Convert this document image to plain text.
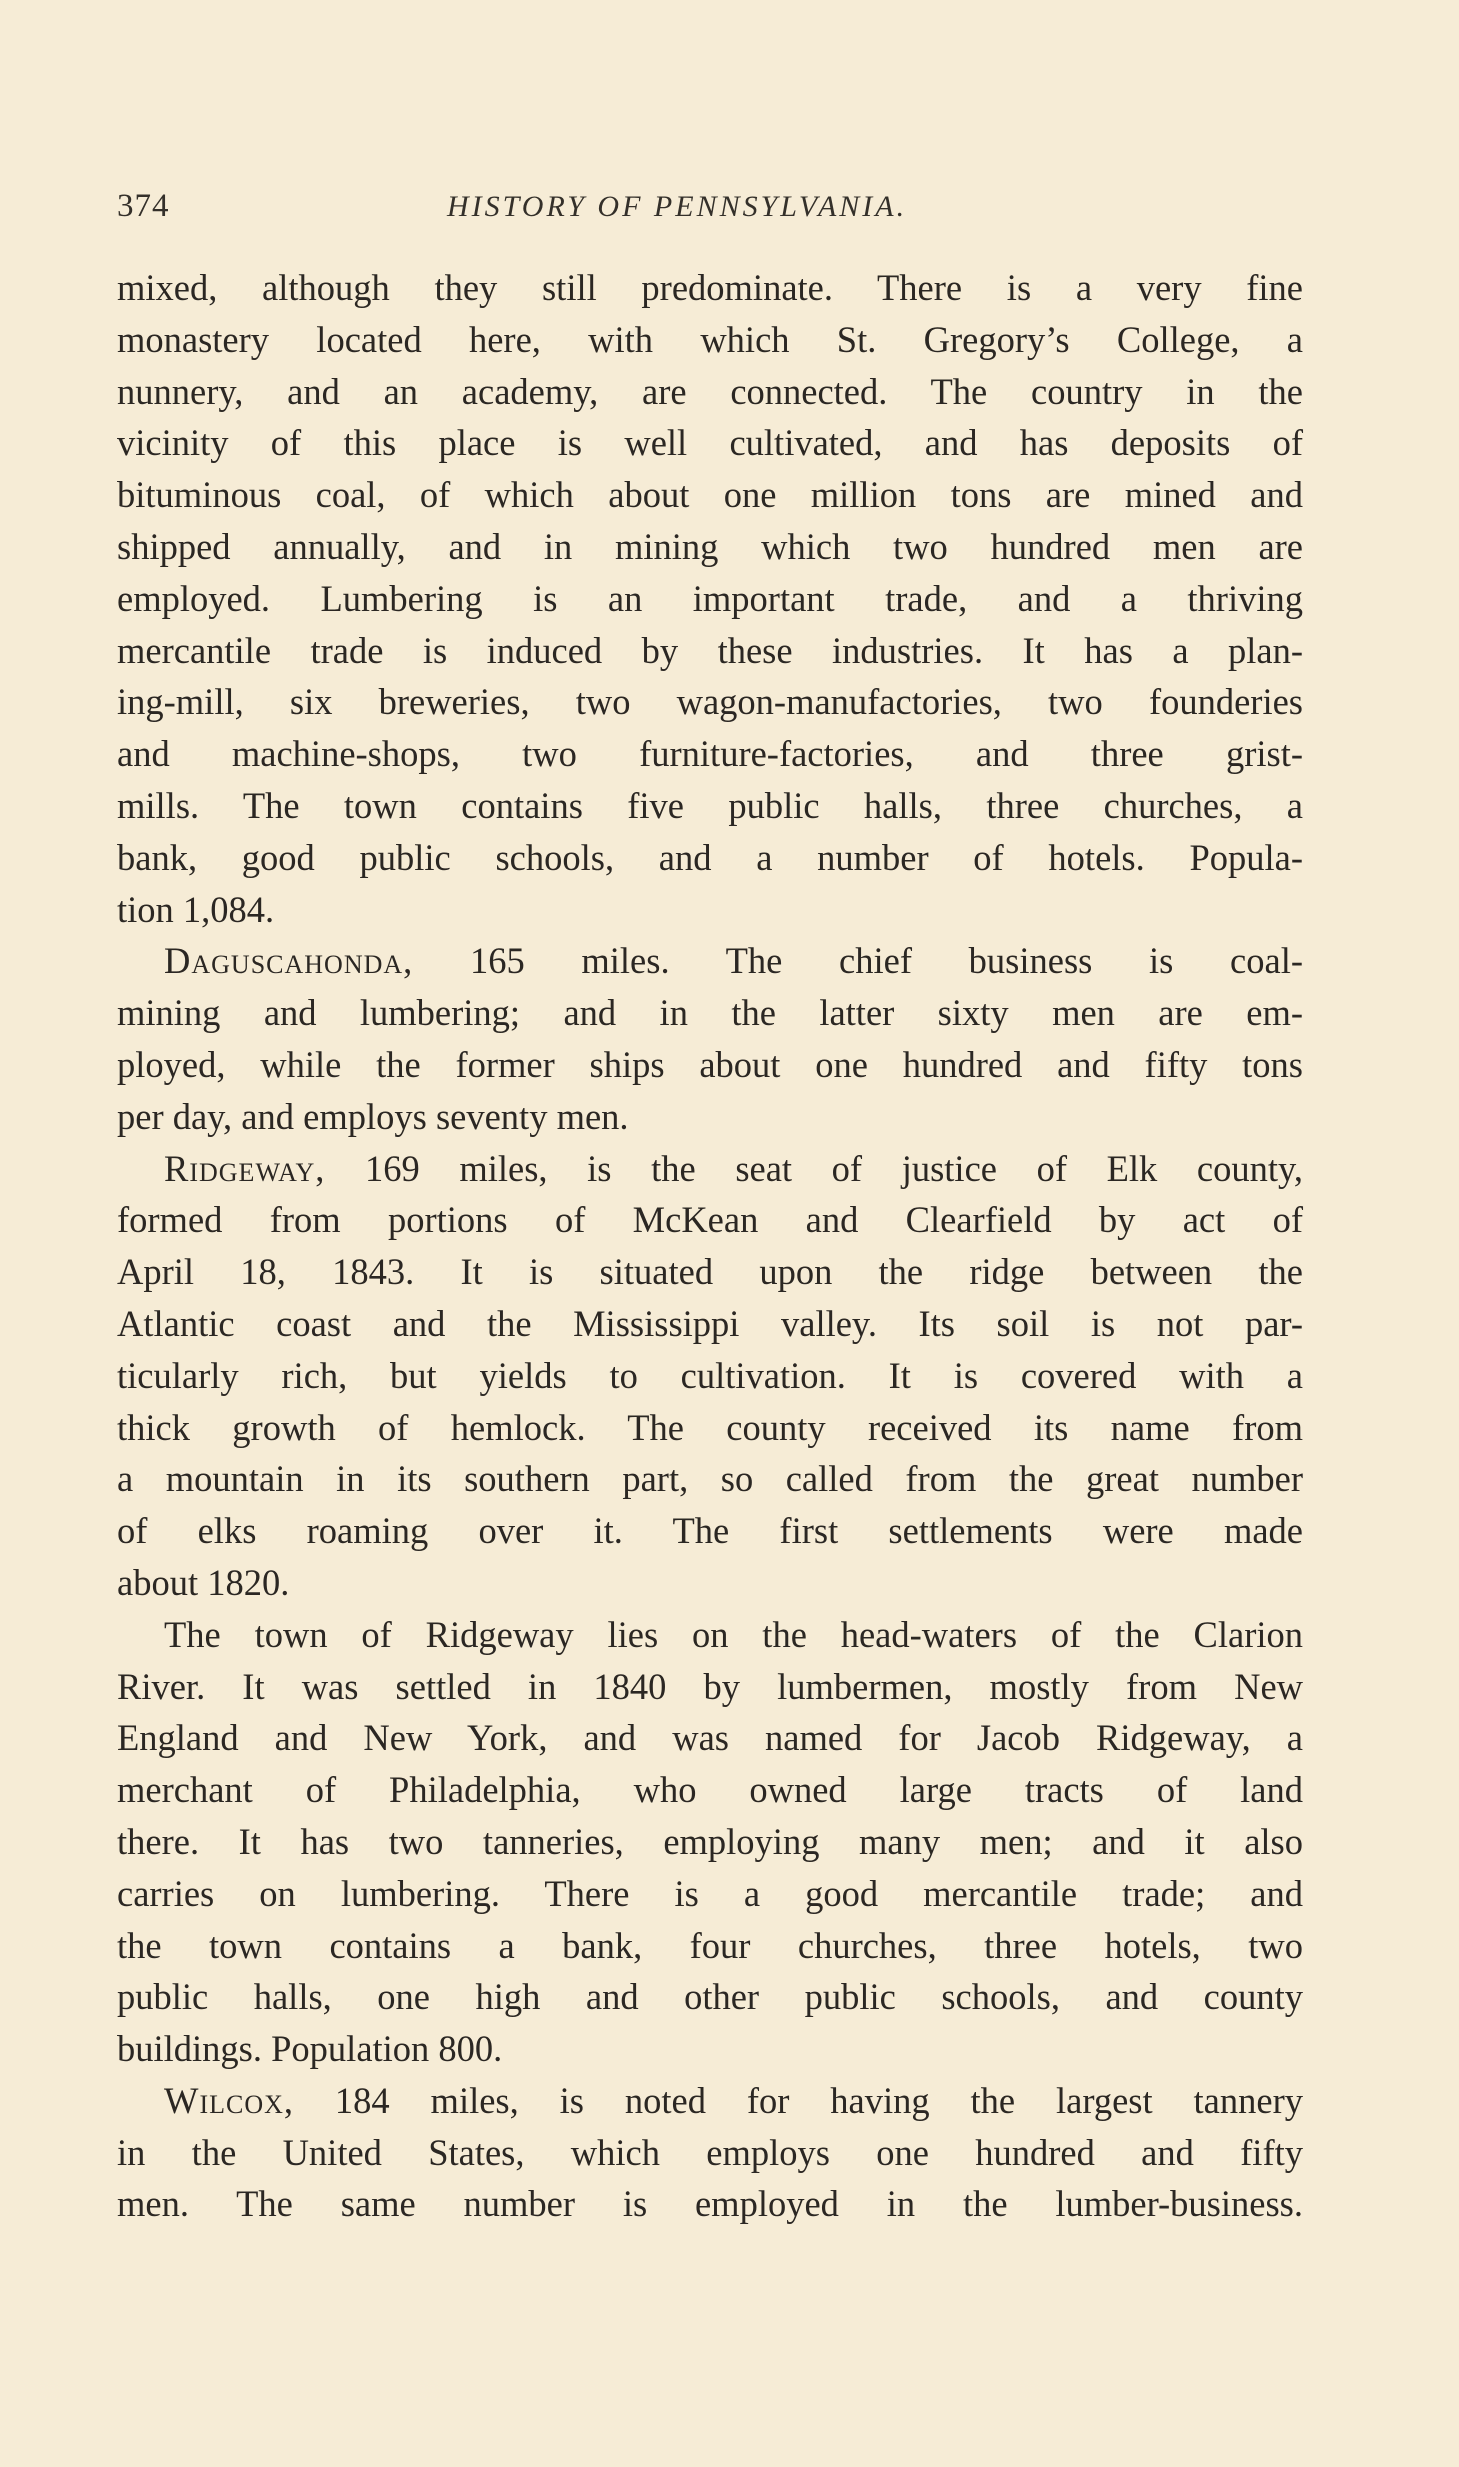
374	HISTORY OF PENNSYLVANIA.

mixed, although they still predominate. There is a very fine

monastery located here, with which St. Gregory’s College, a

nunnery, and an academy, are connected. The country in the

vicinity of this place is well cultivated, and has deposits of

bituminous coal, of which about one million tons are mined and

shipped annually, and in mining which two hundred men are

employed. Lumbering is an important trade, and a thriving

mercantile trade is induced by these industries. It has a plan-

ing-mill, six breweries, two wagon-manufactories, two founderies

and machine-shops, two furniture-factories, and three grist-

mills. The town contains five public halls, three churches, a

bank, good public schools, and a number of hotels. Popula-

tion 1,084.

Daguscahonda, 165 miles. The chief business is coal-

mining and lumbering; and in the latter sixty men are em-

ployed, while the former ships about one hundred and fifty tons

per day, and employs seventy men.

Ridgeway, 169 miles, is the seat of justice of Elk county,

formed from portions of McKean and Clearfield by act of

April 18, 1843. It is situated upon the ridge between the

Atlantic coast and the Mississippi valley. Its soil is not par-

ticularly rich, but yields to cultivation. It is covered with a

thick growth of hemlock. The county received its name from

a mountain in its southern part, so called from the great number

of elks roaming over it. The first settlements were made

about 1820.

The town of Ridgeway lies on the head-waters of the Clarion

River. It was settled in 1840 by lumbermen, mostly from New

England and New York, and was named for Jacob Ridgeway, a

merchant of Philadelphia, who owned large tracts of land

there. It has two tanneries, employing many men; and it also

carries on lumbering. There is a good mercantile trade; and

the town contains a bank, four churches, three hotels, two

public halls, one high and other public schools, and county

buildings. Population 800.

Wilcox, 184 miles, is noted for having the largest tannery

in the United States, which employs one hundred and fifty

men. The same number is employed in the lumber-business.
